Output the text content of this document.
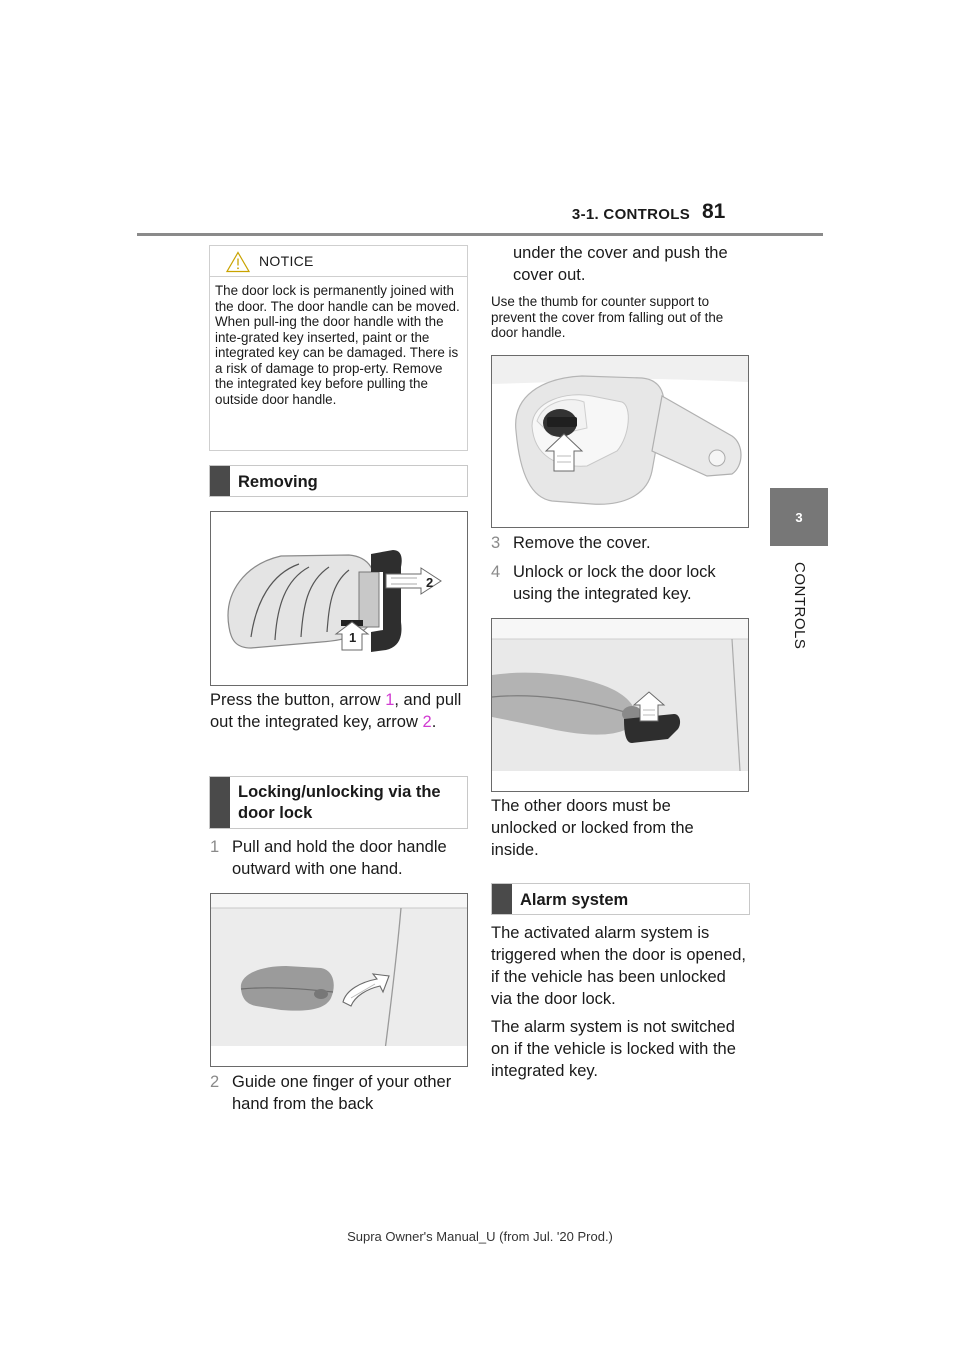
3-1. CONTROLS 81
3
CONTROLS
NOTICE
The door lock is permanently joined with the door. The door handle can be moved. When pull-ing the door handle with the inte-grated key inserted, paint or the integrated key can be damaged. There is a risk of damage to prop-erty. Remove the integrated key before pulling the outside door handle.
Removing
2
1
Press the button, arrow 1, and pull out the integrated key, arrow 2.
Locking/unlocking via the door lock
1 Pull and hold the door handle outward with one hand.
2 Guide one finger of your other hand from the back
under the cover and push the cover out.
Use the thumb for counter support to prevent the cover from falling out of the door handle.
3 Remove the cover.
4 Unlock or lock the door lock using the integrated key.
The other doors must be unlocked or locked from the inside.
Alarm system
The activated alarm system is triggered when the door is opened, if the vehicle has been unlocked via the door lock.
The alarm system is not switched on if the vehicle is locked with the integrated key.
Supra Owner's Manual_U (from Jul. '20 Prod.)
